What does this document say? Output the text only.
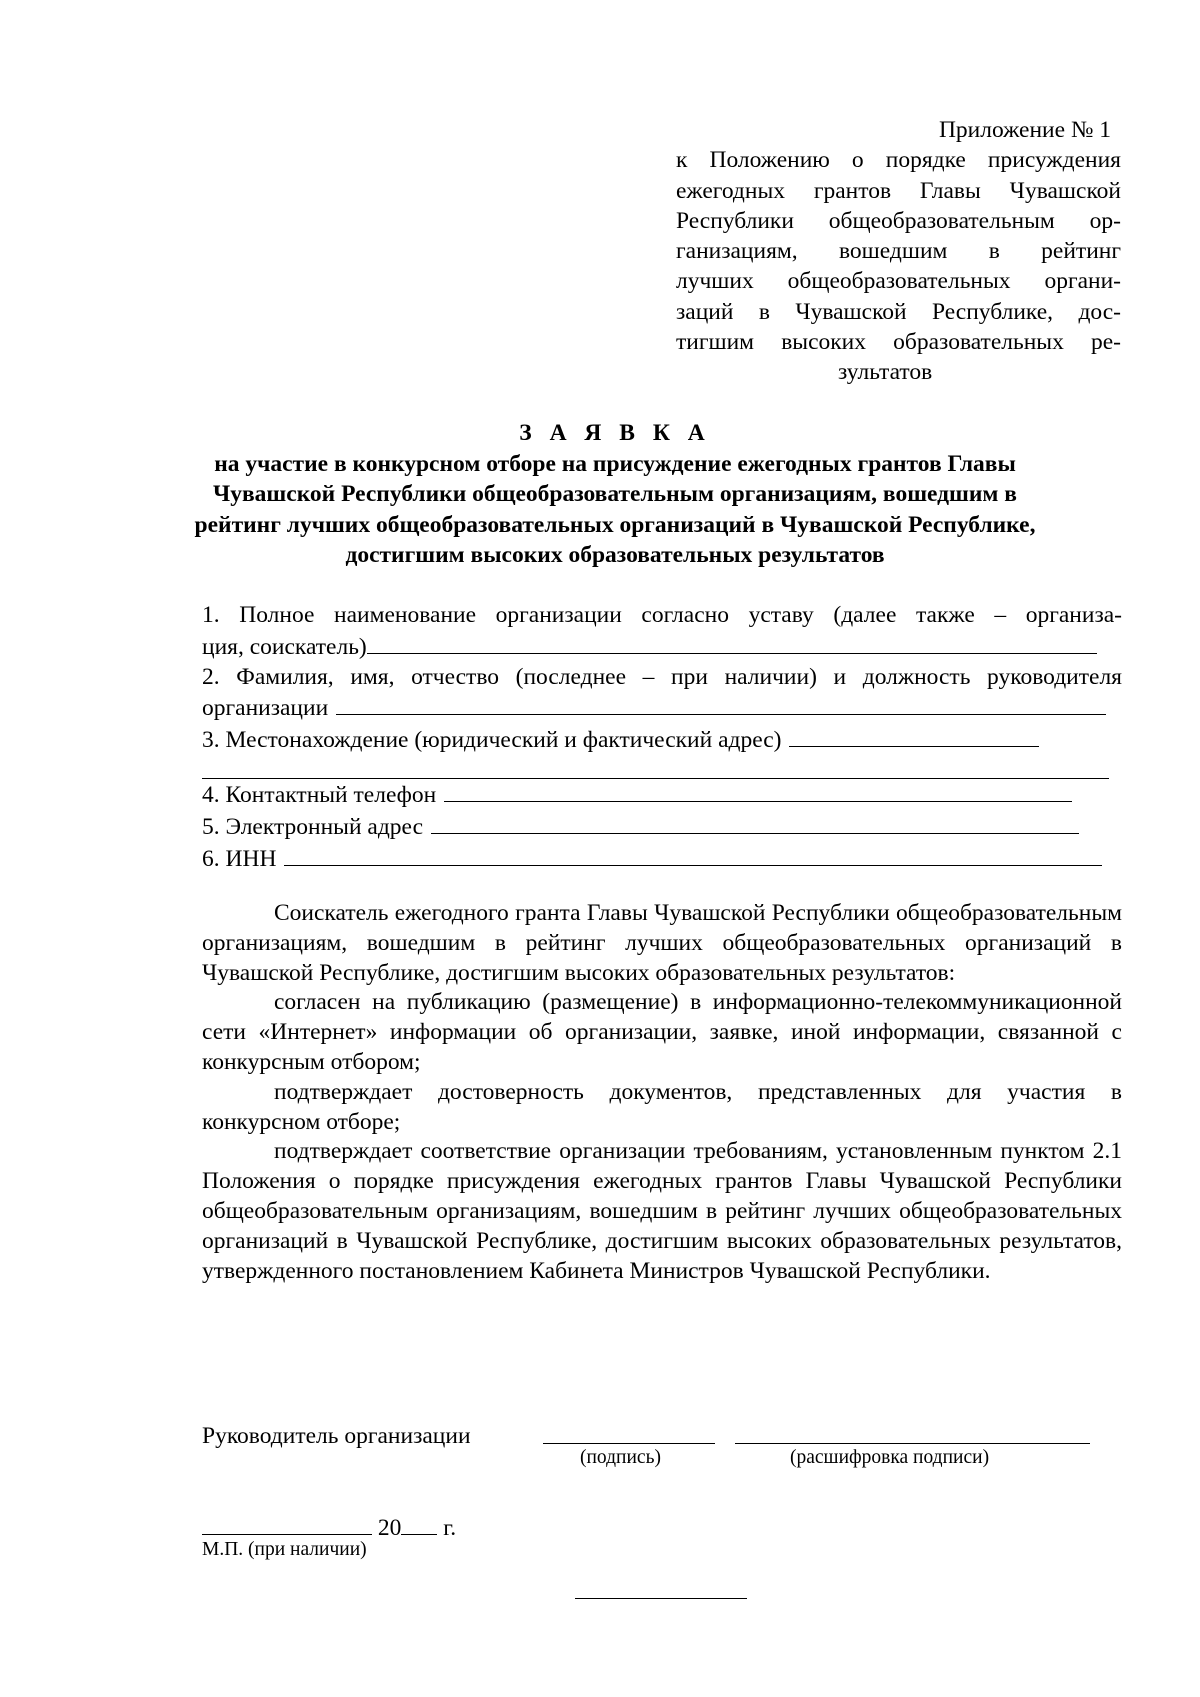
Приложение № 1
к Положению о порядке присуждения
ежегодных грантов Главы Чувашской
Республики общеобразовательным ор-
ганизациям, вошедшим в рейтинг
лучших общеобразовательных органи-
заций в Чувашской Республике, дос-
тигшим высоких образовательных ре-
зультатов
З А Я В К А
на участие в конкурсном отборе на присуждение ежегодных грантов Главы Чувашской Республики общеобразовательным организациям, вошедшим в рейтинг лучших общеобразовательных организаций в Чувашской Республике, достигшим высоких образовательных результатов
1. Полное наименование организации согласно уставу (далее также – организа-
ция, соискатель)
2. Фамилия, имя, отчество (последнее – при наличии) и должность руководителя
организации
3. Местонахождение (юридический и фактический адрес)
4. Контактный телефон
5. Электронный адрес
6. ИНН

Соискатель ежегодного гранта Главы Чувашской Республики общеобразовательным организациям, вошедшим в рейтинг лучших общеобразовательных организаций в Чувашской Республике, достигшим высоких образовательных результатов:

согласен на публикацию (размещение) в информационно-телекоммуникационной сети «Интернет» информации об организации, заявке, иной информации, связанной с конкурсным отбором;

подтверждает достоверность документов, представленных для участия в конкурсном отборе;

подтверждает соответствие организации требованиям, установленным пунктом 2.1 Положения о порядке присуждения ежегодных грантов Главы Чувашской Республики общеобразовательным организациям, вошедшим в рейтинг лучших общеобразовательных организаций в Чувашской Республике, достигшим высоких образовательных результатов, утвержденного постановлением Кабинета Министров Чувашской Республики.

Руководитель организации
(подпись)	(расшифровка подписи)
20 г.
М.П. (при наличии)
